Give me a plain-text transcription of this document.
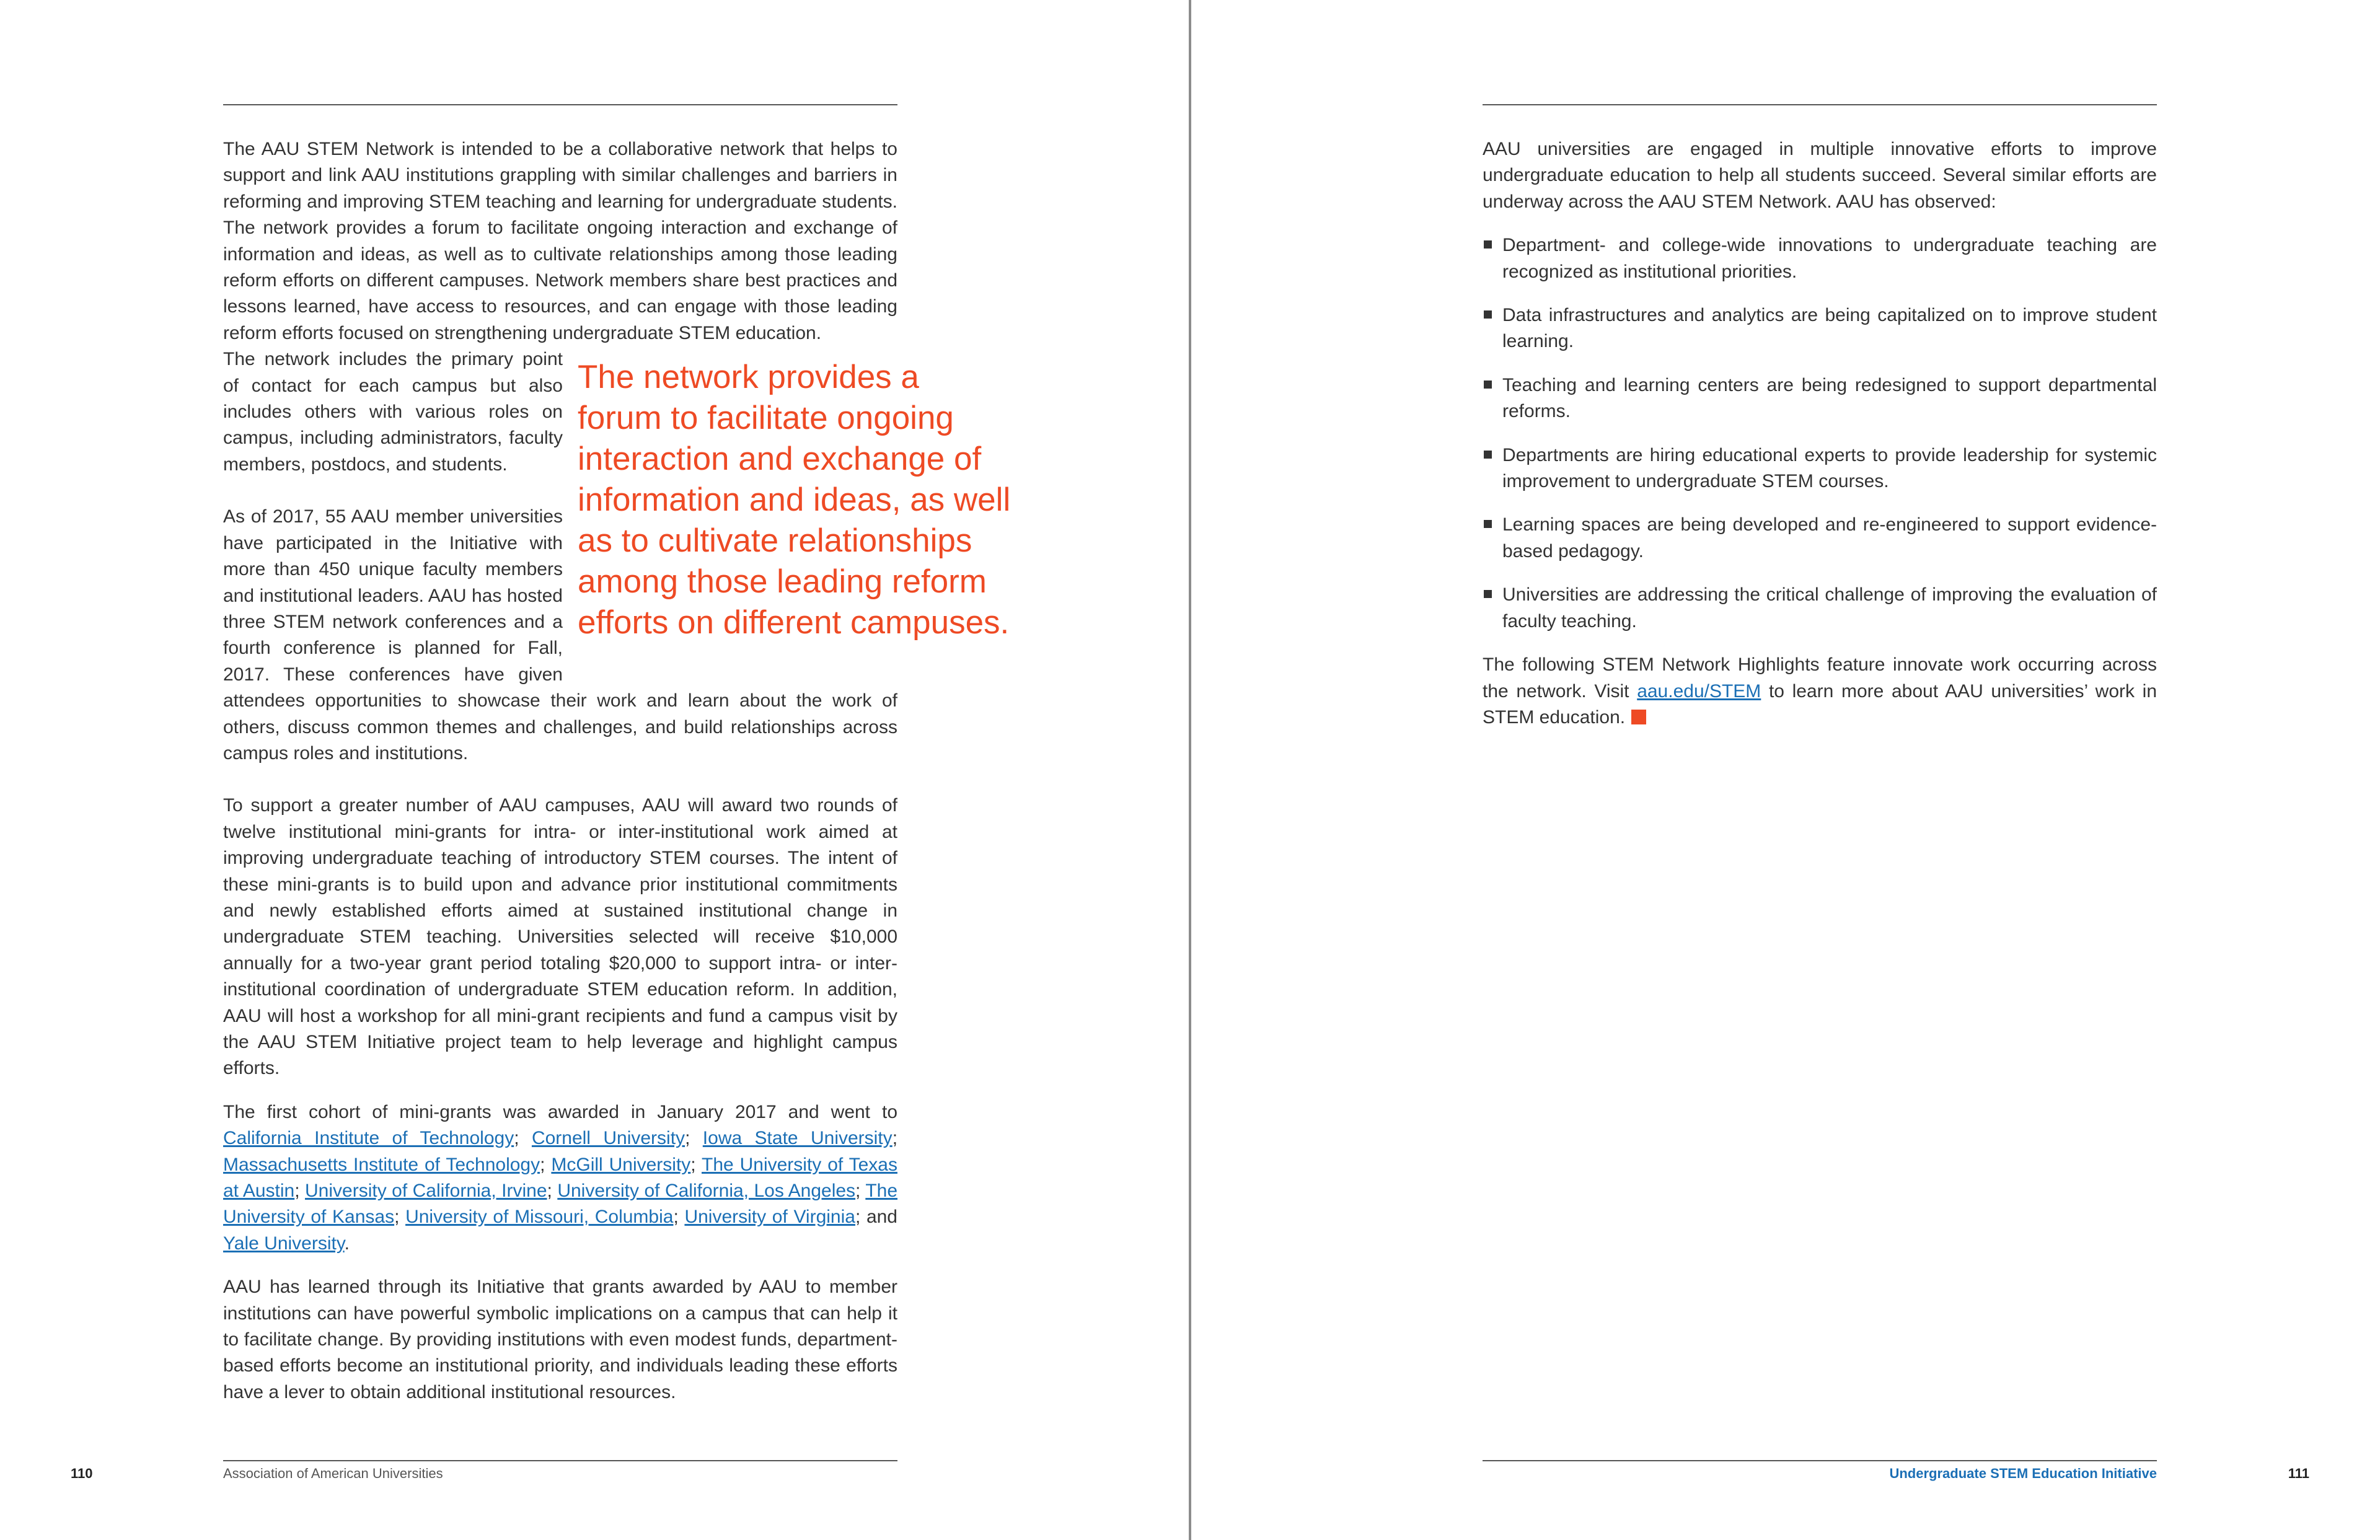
The AAU STEM Network is intended to be a collaborative network that helps to support and link AAU institutions grappling with similar challenges and barriers in reforming and improving STEM teaching and learning for undergraduate students. The network provides a forum to facilitate ongoing interaction and exchange of information and ideas, as well as to cultivate relationships among those leading reform efforts on different campuses. Network members share best practices and lessons learned, have access to resources, and can engage with those leading reform efforts focused on strengthening undergraduate STEM education.

The network includes the primary point of contact for each campus but also includes others with various roles on campus, including administrators, faculty members, postdocs, and students.

As of 2017, 55 AAU member universities have participated in the Initiative with more than 450 unique faculty members and institutional leaders. AAU has hosted three STEM network conferences and a fourth conference is planned for Fall, 2017. These conferences have given attendees opportunities to showcase their work and learn about the work of others, discuss common themes and challenges, and build relationships across campus roles and institutions.

To support a greater number of AAU campuses, AAU will award two rounds of twelve institutional mini-grants for intra- or inter-institutional work aimed at improving undergraduate teaching of introductory STEM courses. The intent of these mini-grants is to build upon and advance prior institutional commitments and newly established efforts aimed at sustained institutional change in undergraduate STEM teaching. Universities selected will receive $10,000 annually for a two-year grant period totaling $20,000 to support intra- or inter-institutional coordination of undergraduate STEM education reform. In addition, AAU will host a workshop for all mini-grant recipients and fund a campus visit by the AAU STEM Initiative project team to help leverage and highlight campus efforts.

The first cohort of mini-grants was awarded in January 2017 and went to California Institute of Technology; Cornell University; Iowa State University; Massachusetts Institute of Technology; McGill University; The University of Texas at Austin; University of California, Irvine; University of California, Los Angeles; The University of Kansas; University of Missouri, Columbia; University of Virginia; and Yale University.

AAU has learned through its Initiative that grants awarded by AAU to member institutions can have powerful symbolic implications on a campus that can help it to facilitate change. By providing institutions with even modest funds, department-based efforts become an institutional priority, and individuals leading these efforts have a lever to obtain additional institutional resources.

The network provides a forum to facilitate ongoing interaction and exchange of information and ideas, as well as to cultivate relationships among those leading reform efforts on different campuses.
110	Association of American Universities

AAU universities are engaged in multiple innovative efforts to improve undergraduate education to help all students succeed. Several similar efforts are underway across the AAU STEM Network. AAU has observed:

Department- and college-wide innovations to undergraduate teaching are recognized as institutional priorities.
Data infrastructures and analytics are being capitalized on to improve student learning.
Teaching and learning centers are being redesigned to support departmental reforms.
Departments are hiring educational experts to provide leadership for systemic improvement to undergraduate STEM courses.
Learning spaces are being developed and re-engineered to support evidence-based pedagogy.
Universities are addressing the critical challenge of improving the evaluation of faculty teaching.

The following STEM Network Highlights feature innovate work occurring across the network. Visit aau.edu/STEM to learn more about AAU universities’ work in STEM education.

Undergraduate STEM Education Initiative	111
